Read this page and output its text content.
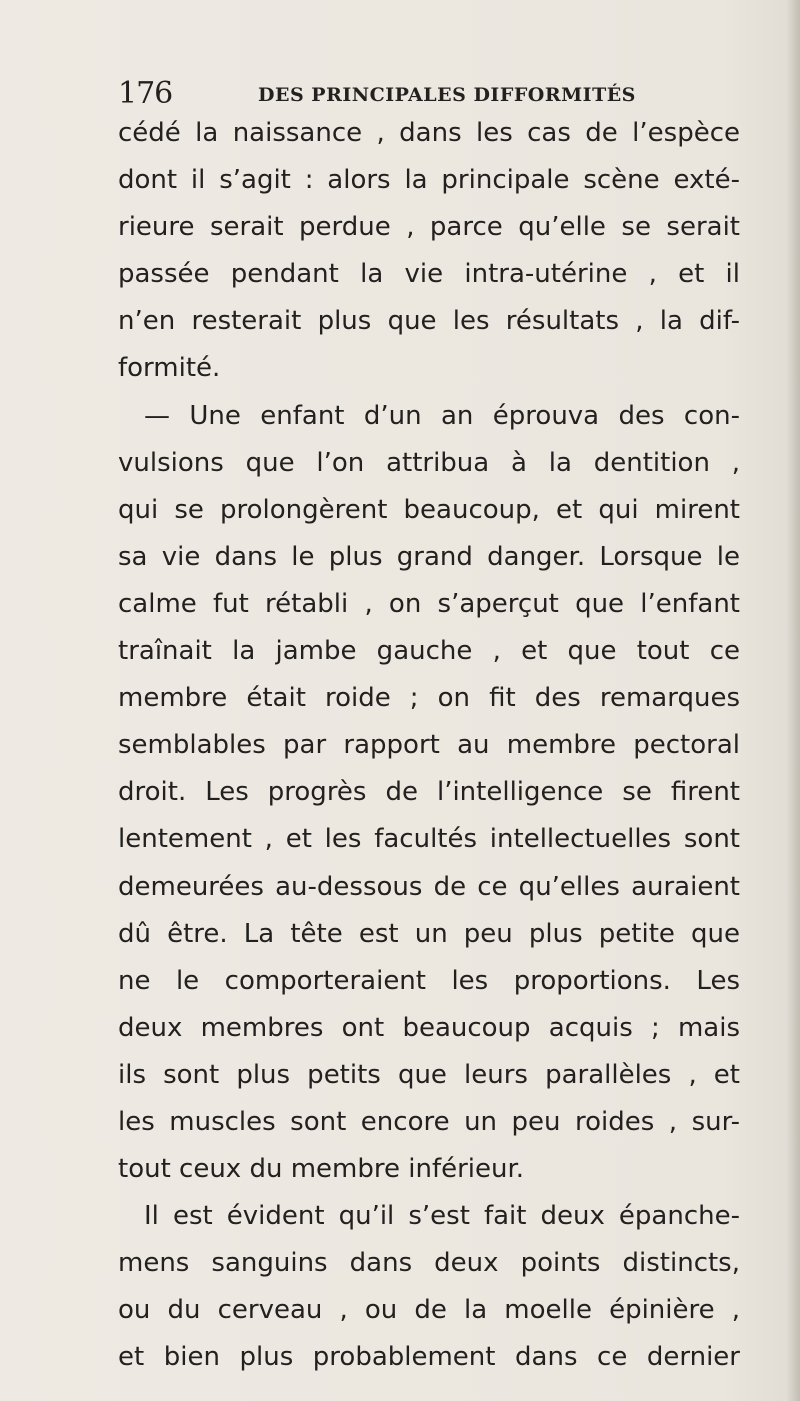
176	DES PRINCIPALES DIFFORMITÉS
cédé la naissance , dans les cas de l’espèce
dont il s’agit : alors la principale scène exté-
rieure serait perdue , parce qu’elle se serait
passée pendant la vie intra-utérine , et il
n’en resterait plus que les résultats , la dif-
formité.
— Une enfant d’un an éprouva des con-
vulsions que l’on attribua à la dentition ,
qui se prolongèrent beaucoup, et qui mirent
sa vie dans le plus grand danger. Lorsque le
calme fut rétabli , on s’aperçut que l’enfant
traînait la jambe gauche , et que tout ce
membre était roide ; on fit des remarques
semblables par rapport au membre pectoral
droit. Les progrès de l’intelligence se firent
lentement , et les facultés intellectuelles sont
demeurées au-dessous de ce qu’elles auraient
dû être. La tête est un peu plus petite que
ne le comporteraient les proportions. Les
deux membres ont beaucoup acquis ; mais
ils sont plus petits que leurs parallèles , et
les muscles sont encore un peu roides , sur-
tout ceux du membre inférieur.
Il est évident qu’il s’est fait deux épanche-
mens sanguins dans deux points distincts,
ou du cerveau , ou de la moelle épinière ,
et bien plus probablement dans ce dernier
